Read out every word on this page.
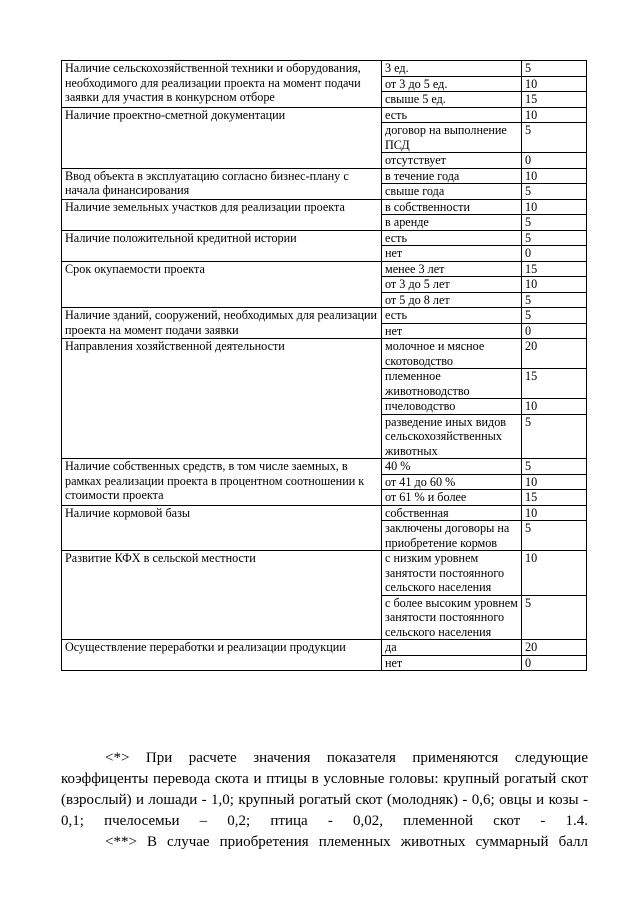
Наличие сельскохозяйственной техники и оборудования, необходимого для реализации проекта на момент подачи заявки для участия в конкурсном отборе	3 ед.	5
	от 3 до 5 ед.	10
	свыше 5 ед.	15
Наличие проектно-сметной документации	есть	10
	договор на выполнение ПСД	5
	отсутствует	0
Ввод объекта в эксплуатацию согласно бизнес-плану с начала финансирования	в течение года	10
	свыше года	5
Наличие земельных участков для реализации проекта	в собственности	10
	в аренде	5
Наличие положительной кредитной истории	есть	5
	нет	0
Срок окупаемости проекта	менее 3 лет	15
	от 3 до 5 лет	10
	от 5 до 8 лет	5
Наличие зданий, сооружений, необходимых для реализации проекта на момент подачи заявки	есть	5
	нет	0
Направления хозяйственной деятельности	молочное и мясное скотоводство	20
	племенное животноводство	15
	пчеловодство	10
	разведение иных видов сельскохозяйственных животных	5
Наличие собственных средств, в том числе заемных, в рамках реализации проекта в процентном соотношении к стоимости проекта	40 %	5
	от 41 до 60 %	10
	от 61 % и более	15
Наличие кормовой базы	собственная	10
	заключены договоры на приобретение кормов	5
Развитие КФХ в сельской местности	с низким уровнем занятости постоянного сельского населения	10
	с более высоким уровнем занятости постоянного сельского населения	5
Осуществление переработки и реализации продукции	да	20
	нет	0

<*> При расчете значения показателя применяются следующие коэффиценты перевода скота и птицы в условные головы: крупный рогатый скот (взрослый) и лошади - 1,0; крупный рогатый скот (молодняк) - 0,6; овцы и козы - 0,1; пчелосемьи – 0,2; птица - 0,02, племенной скот - 1.4.

<**> В случае приобретения племенных животных суммарный балл
